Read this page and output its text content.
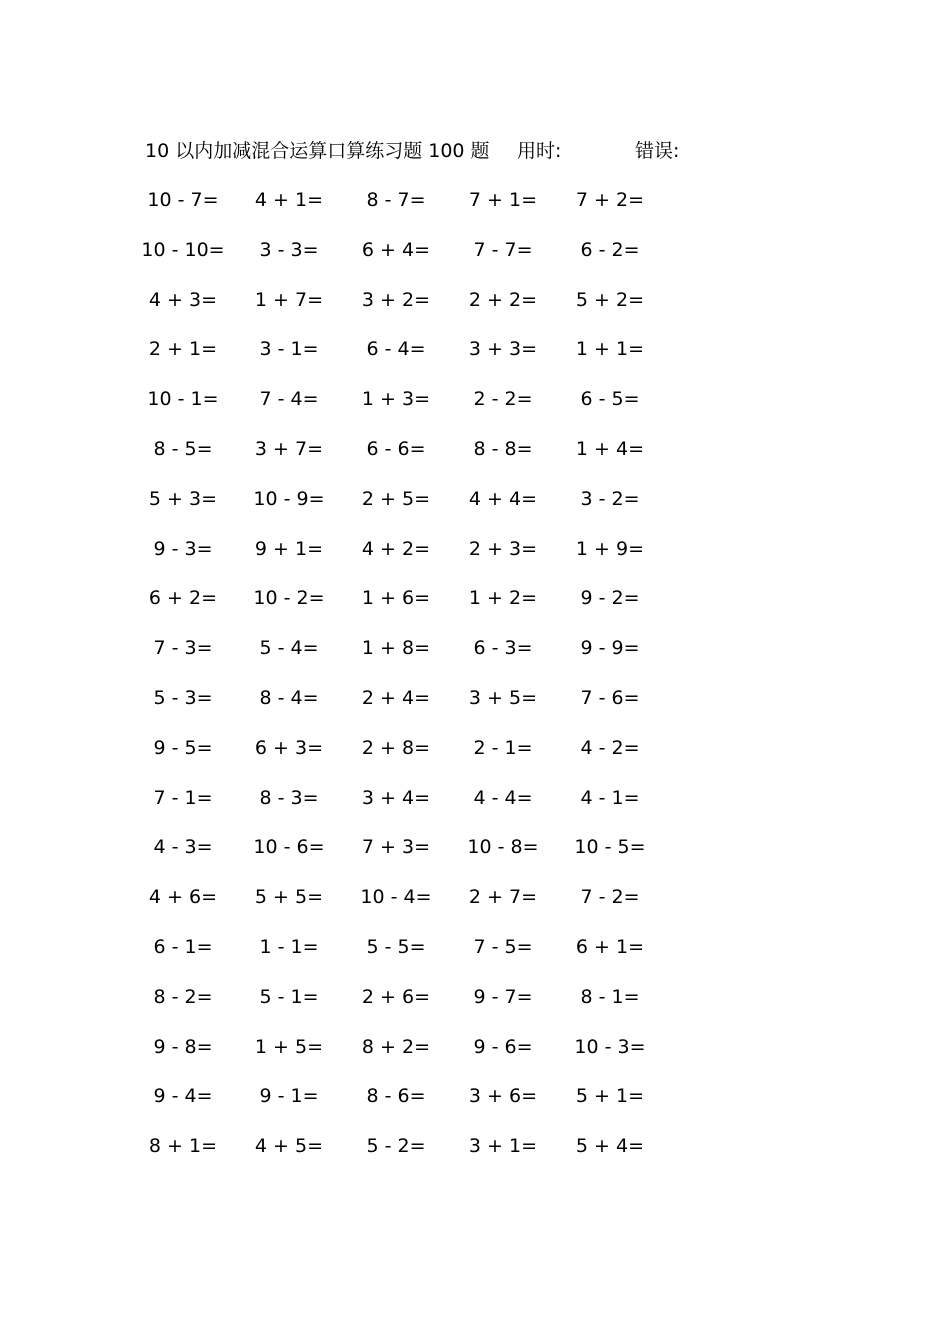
10 以内加减混合运算口算练习题 100 题 用时:	错误:
10 - 7= 4 + 1= 8 - 7= 7 + 1= 7 + 2=
10 - 10= 3 - 3= 6 + 4= 7 - 7=	6 - 2=
4 + 3= 1 + 7= 3 + 2= 2 + 2= 5 + 2=
2 + 1= 3 - 1=	6 - 4= 3 + 3= 1 + 1=
10 - 1= 7 - 4= 1 + 3= 2 - 2=	6 - 5=
8 - 5= 3 + 7= 6 - 6=	8 - 8= 1 + 4=
5 + 3= 10 - 9= 2 + 5= 4 + 4= 3 - 2=
9 - 3= 9 + 1= 4 + 2= 2 + 3= 1 + 9=
6 + 2= 10 - 2= 1 + 6= 1 + 2= 9 - 2=
7 - 3= 5 - 4= 1 + 8= 6 - 3=	9 - 9=
5 - 3= 8 - 4= 2 + 4= 3 + 5= 7 - 6=
9 - 5= 6 + 3= 2 + 8= 2 - 1=	4 - 2=
7 - 1= 8 - 3= 3 + 4= 4 - 4=	4 - 1=
4 - 3= 10 - 6= 7 + 3= 10 - 8= 10 - 5=
4 + 6= 5 + 5= 10 - 4= 2 + 7= 7 - 2=
6 - 1= 1 - 1=	5 - 5=	7 - 5= 6 + 1=
8 - 2= 5 - 1= 2 + 6= 9 - 7=	8 - 1=
9 - 8= 1 + 5= 8 + 2= 9 - 6= 10 - 3=
9 - 4= 9 - 1=	8 - 6= 3 + 6= 5 + 1=
8 + 1= 4 + 5= 5 - 2= 3 + 1= 5 + 4=
